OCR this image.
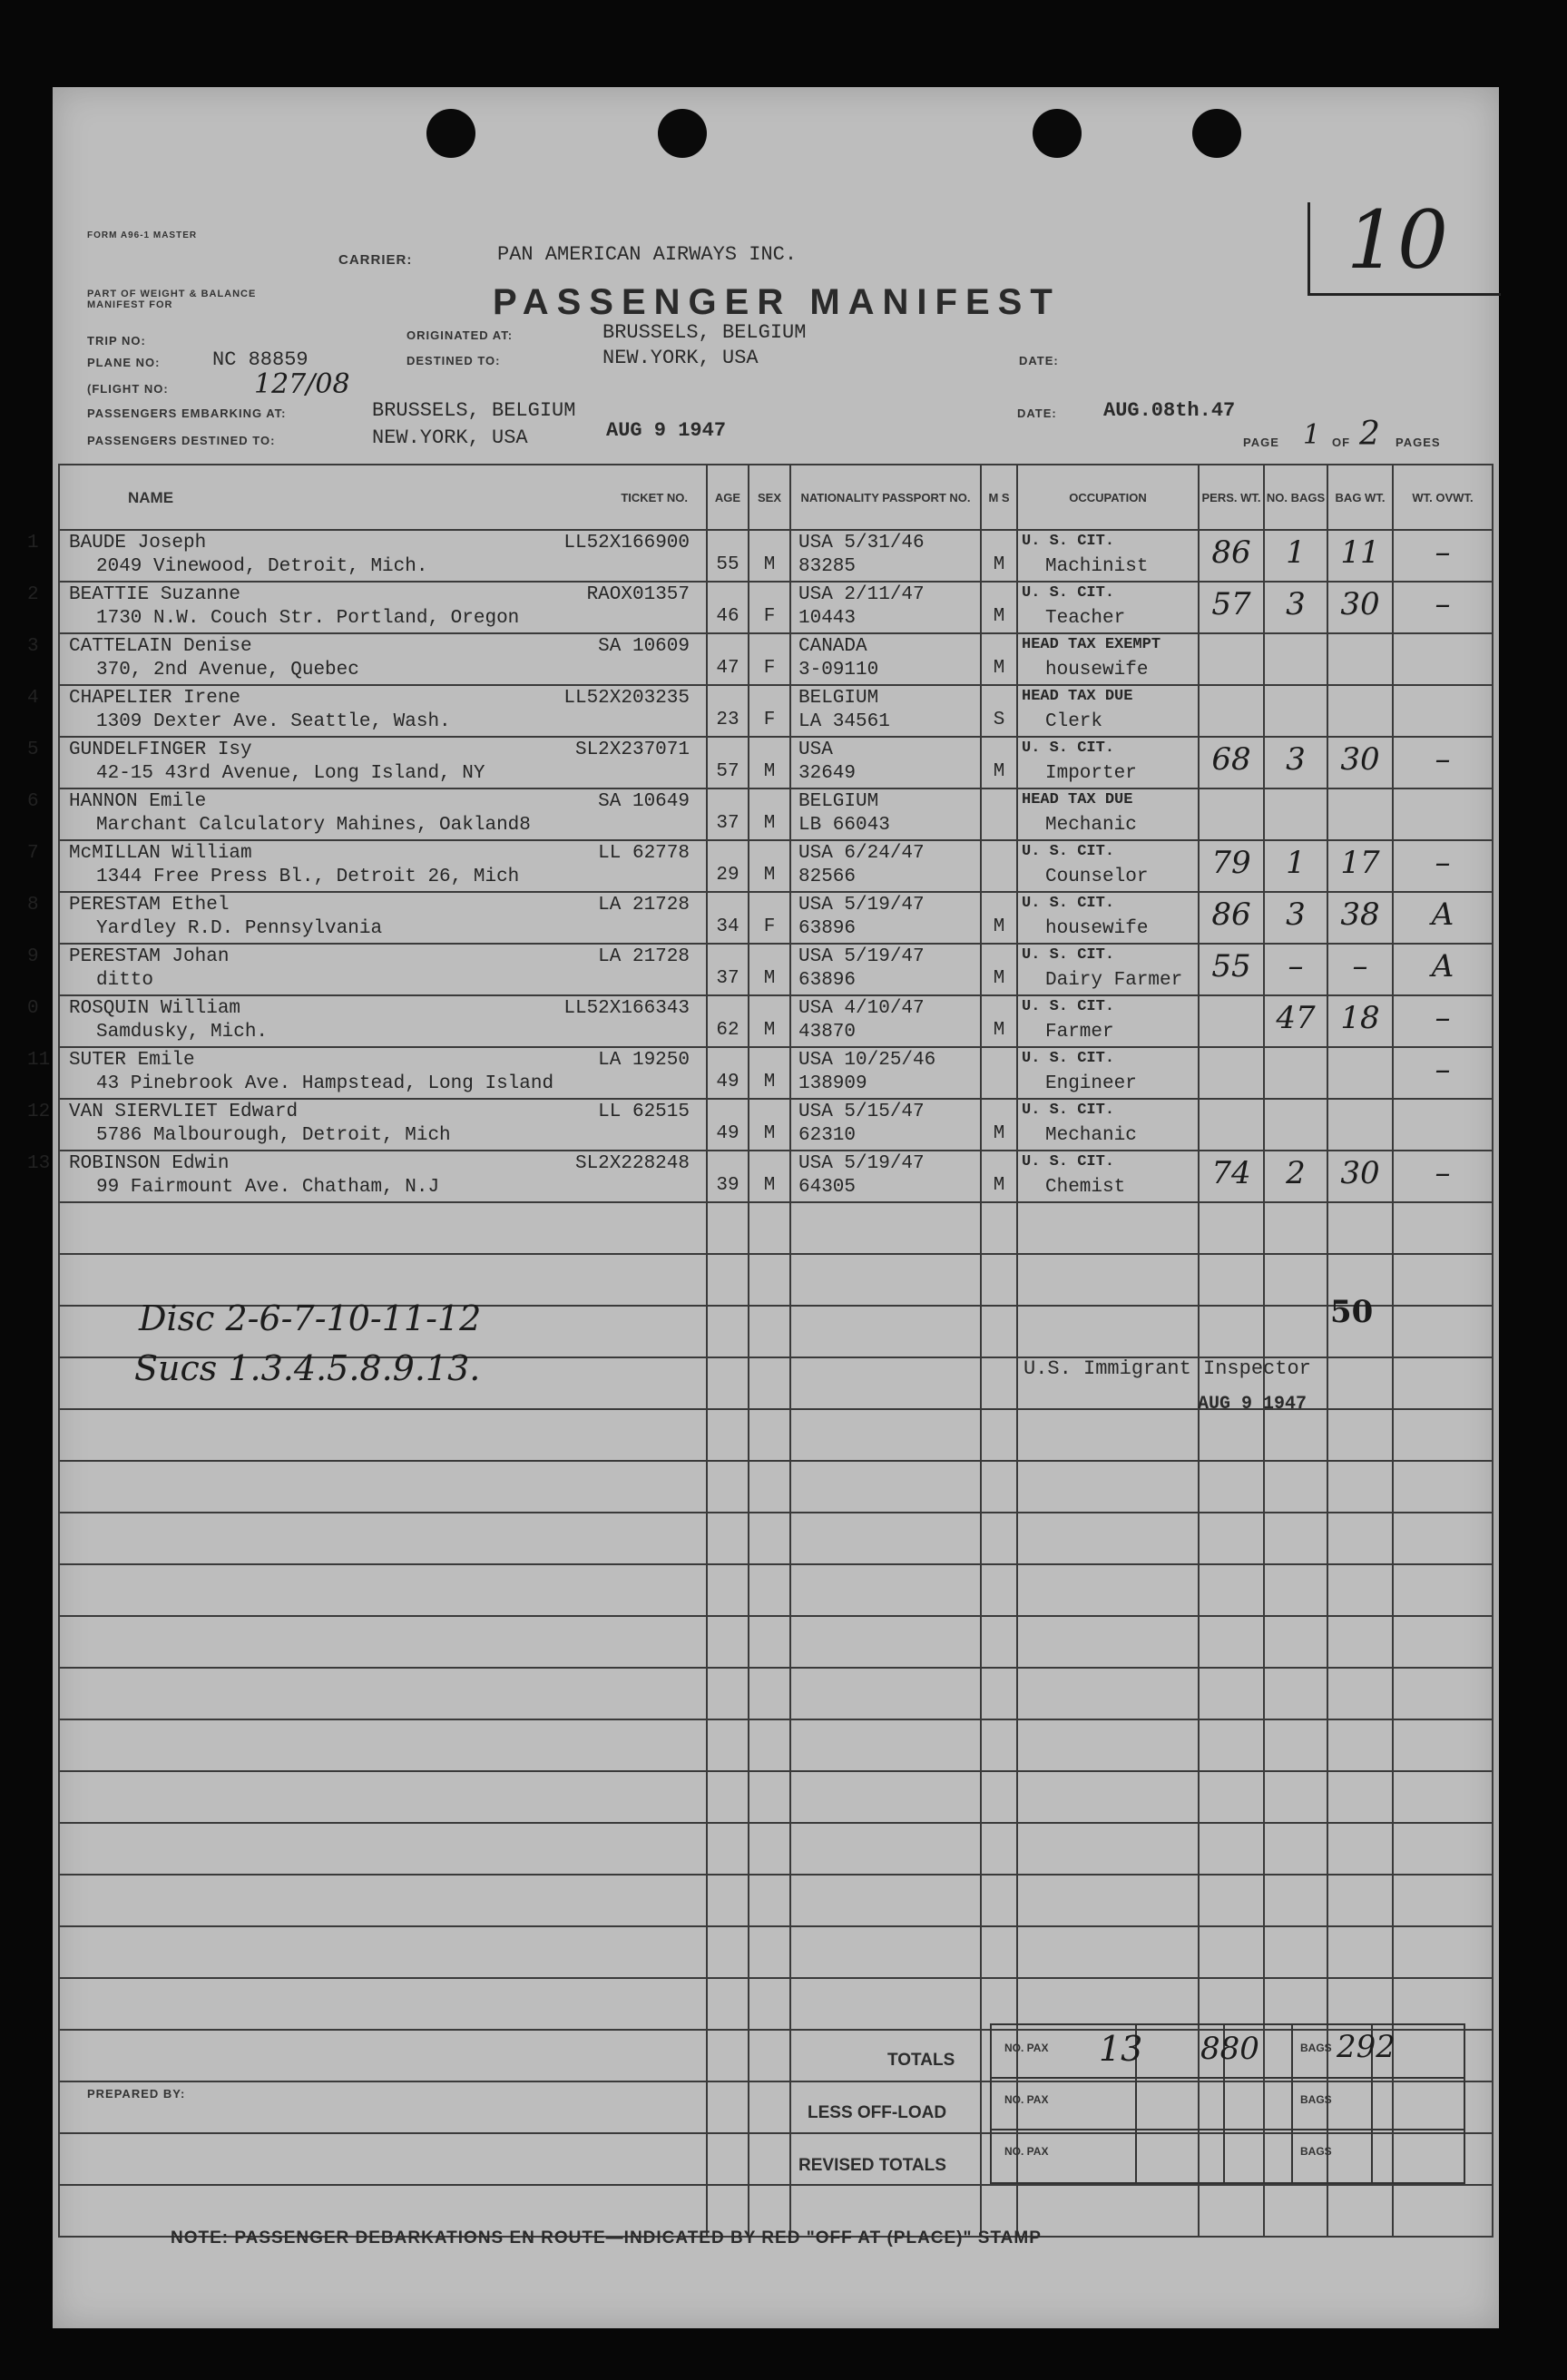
10
FORM A96-1 MASTER
PART OF WEIGHT & BALANCE MANIFEST FOR
TRIP NO:
PLANE NO:	NC 88859
(FLIGHT NO:	127/08
PASSENGERS EMBARKING AT:	BRUSSELS, BELGIUM
PASSENGERS DESTINED TO:	NEW.YORK, USA	AUG 9 1947
CARRIER:	PAN AMERICAN AIRWAYS INC.
PASSENGER MANIFEST
ORIGINATED AT:	BRUSSELS, BELGIUM
DESTINED TO:	NEW.YORK, USA	DATE:
DATE: AUG.08th.47
PAGE 1 OF 2 PAGES
NAME TICKET NO.	AGE	SEX	NATIONALITY PASSPORT NO.	M S	OCCUPATION	PERS. WT.	NO. BAGS	BAG WT.	WT. OVWT.

1 BAUDE Joseph LL52X166900
2049 Vinewood, Detroit, Mich.	55	M	USA 5/31/46
83285	M	U. S. CIT.
Machinist	86	1	11	–

2 BEATTIE Suzanne RAOX01357
1730 N.W. Couch Str. Portland, Oregon	46	F	USA 2/11/47
10443	M	U. S. CIT.
Teacher	57	3	30	–

3 CATTELAIN Denise SA 10609
370, 2nd Avenue, Quebec	47	F	CANADA
3-09110	M	HEAD TAX EXEMPT
housewife				

4 CHAPELIER Irene LL52X203235
1309 Dexter Ave. Seattle, Wash.	23	F	BELGIUM
LA 34561	S	HEAD TAX DUE
Clerk				

5 GUNDELFINGER Isy SL2X237071
42-15 43rd Avenue, Long Island, NY	57	M	USA
32649	M	U. S. CIT.
Importer	68	3	30	–

6 HANNON Emile SA 10649
Marchant Calculatory Mahines, Oakland8	37	M	BELGIUM
LB 66043		HEAD TAX DUE
Mechanic				

7 McMILLAN William LL 62778
1344 Free Press Bl., Detroit 26, Mich	29	M	USA 6/24/47
82566		U. S. CIT.
Counselor	79	1	17	–

8 PERESTAM Ethel LA 21728
Yardley R.D. Pennsylvania	34	F	USA 5/19/47
63896	M	U. S. CIT.
housewife	86	3	38	A

9 PERESTAM Johan LA 21728
ditto	37	M	USA 5/19/47
63896	M	U. S. CIT.
Dairy Farmer	55	–	–	A

0 ROSQUIN William LL52X166343
Samdusky, Mich.	62	M	USA 4/10/47
43870	M	U. S. CIT.
Farmer		47	18	–

11 SUTER Emile LA 19250
43 Pinebrook Ave. Hampstead, Long Island	49	M	USA 10/25/46
138909		U. S. CIT.
Engineer				–

12 VAN SIERVLIET Edward LL 62515
5786 Malbourough, Detroit, Mich	49	M	USA 5/15/47
62310	M	U. S. CIT.
Mechanic				

13 ROBINSON Edwin SL2X228248
99 Fairmount Ave. Chatham, N.J	39	M	USA 5/19/47
64305	M	U. S. CIT.
Chemist	74	2	30	–

Disc 2-6-7-10-11-12
Sucs 1.3.4.5.8.9.13.
50
U.S. Immigrant Inspector
AUG 9 1947
TOTALS
LESS OFF-LOAD
REVISED TOTALS
PREPARED BY:
NO. PAX 13 880	BAGS 292
NO. PAX	BAGS
NO. PAX	BAGS
NOTE: PASSENGER DEBARKATIONS EN ROUTE—INDICATED BY RED "OFF AT (PLACE)" STAMP
